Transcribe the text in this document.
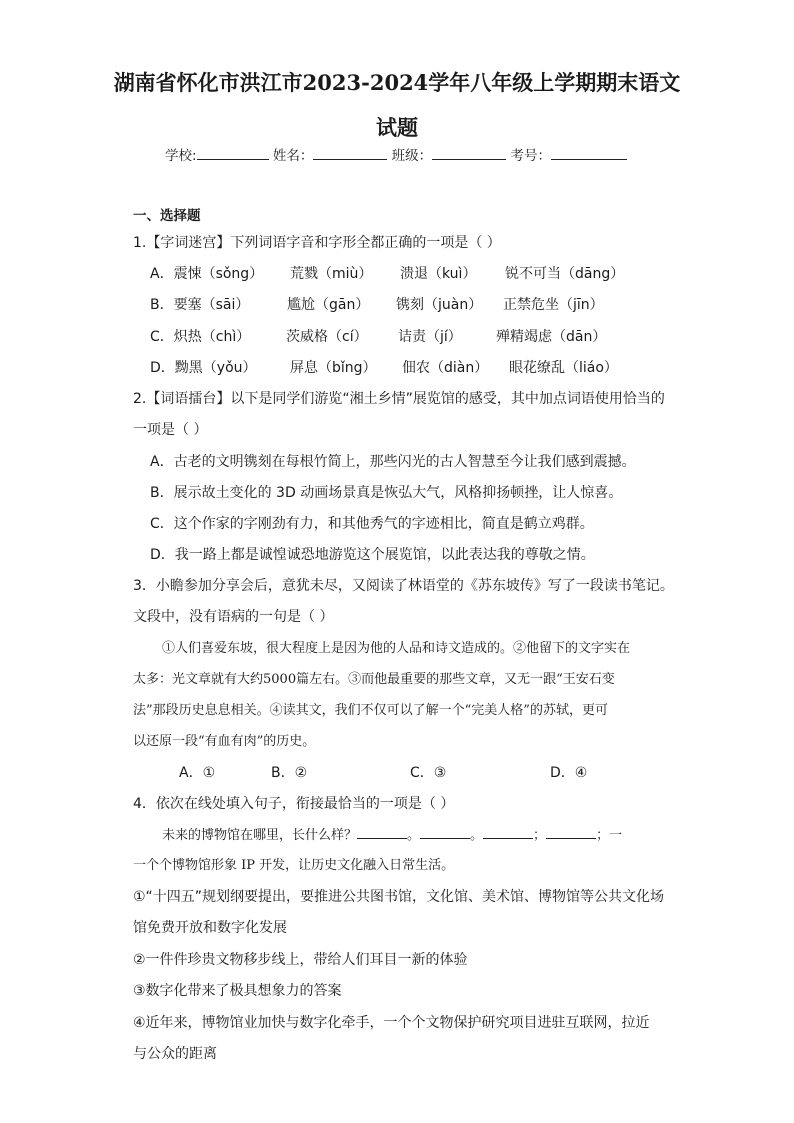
湖南省怀化市洪江市2023-2024学年八年级上学期期末语文
试题
学校:	姓名：	班级：	考号：
一、选择题
1.【字词迷宫】下列词语字音和字形全都正确的一项是（ ）
A．震悚（sǒng） 荒戮（miù） 溃退（kuì） 锐不可当（dāng）
B．要塞（sāi）	尴尬（gān） 镌刻（juàn） 正禁危坐（jīn）
C．炽热（chì）	茨威格（cí） 诘责（jí） 殚精竭虑（dān）
D．黝黑（yǒu） 屏息（bǐng） 佃农（diàn） 眼花缭乱（liáo）
2.【词语擂台】以下是同学们游览“湘土乡情”展览馆的感受，其中加点词语使用恰当的
一项是（ ）
A．古老的文明镌刻在每根竹简上，那些闪光的古人智慧至今让我们感到震撼。
B．展示故土变化的 3D 动画场景真是恢弘大气，风格抑扬顿挫，让人惊喜。
C．这个作家的字刚劲有力，和其他秀气的字迹相比，简直是鹤立鸡群。
D．我一路上都是诚惶诚恐地游览这个展览馆，以此表达我的尊敬之情。
3．小瞻参加分享会后，意犹未尽，又阅读了林语堂的《苏东坡传》写了一段读书笔记。
文段中，没有语病的一句是（ ）
①人们喜爱东坡，很大程度上是因为他的人品和诗文造成的。②他留下的文字实在
太多：光文章就有大约5000篇左右。③而他最重要的那些文章，又无一跟“王安石变
法”那段历史息息相关。④读其文，我们不仅可以了解一个“完美人格”的苏轼，更可
以还原一段“有血有肉”的历史。
A．①	B．②	C．③	D．④
4．依次在线处填入句子，衔接最恰当的一项是（ ）
未来的博物馆在哪里，长什么样？	。	。	；	；一
一个个博物馆形象 IP 开发，让历史文化融入日常生活。
①“十四五”规划纲要提出，要推进公共图书馆，文化馆、美术馆、博物馆等公共文化场
馆免费开放和数字化发展
②一件件珍贵文物移步线上，带给人们耳目一新的体验
③数字化带来了极具想象力的答案
④近年来，博物馆业加快与数字化牵手，一个个文物保护研究项目进驻互联网，拉近
与公众的距离
